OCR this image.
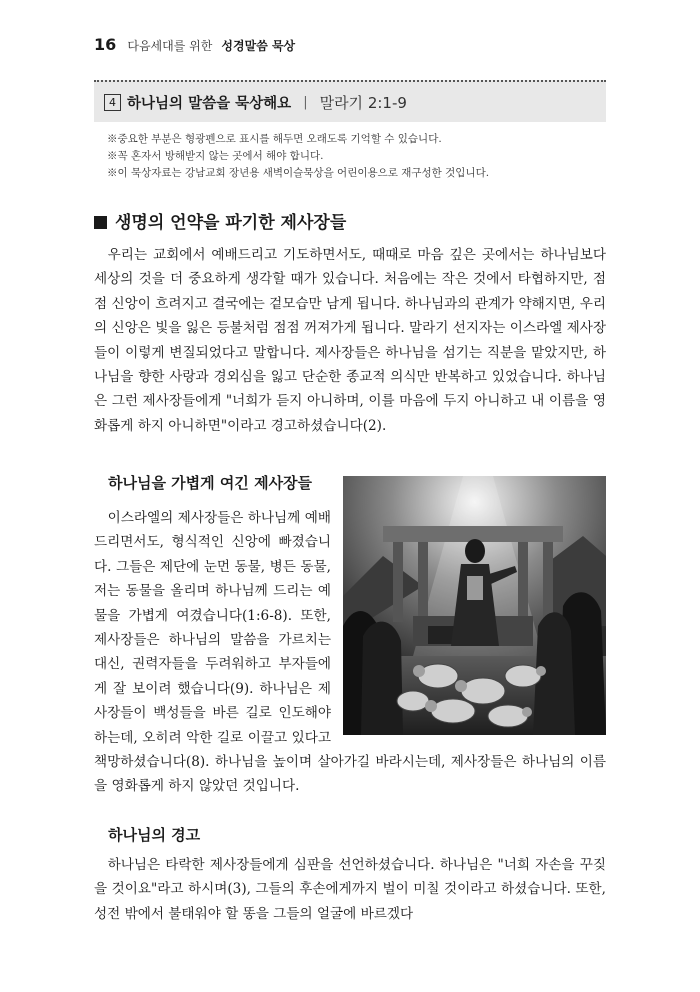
16 다음세대를 위한 성경말씀 묵상
4 하나님의 말씀을 묵상해요 | 말라기 2:1-9
※중요한 부분은 형광펜으로 표시를 해두면 오래도록 기억할 수 있습니다.
※꼭 혼자서 방해받지 않는 곳에서 해야 합니다.
※이 묵상자료는 강남교회 장년용 새벽이슬묵상을 어린이용으로 재구성한 것입니다.
생명의 언약을 파기한 제사장들

우리는 교회에서 예배드리고 기도하면서도, 때때로 마음 깊은 곳에서는 하나님보다 세상의 것을 더 중요하게 생각할 때가 있습니다. 처음에는 작은 것에서 타협하지만, 점점 신앙이 흐려지고 결국에는 겉모습만 남게 됩니다. 하나님과의 관계가 약해지면, 우리의 신앙은 빛을 잃은 등불처럼 점점 꺼져가게 됩니다. 말라기 선지자는 이스라엘 제사장들이 이렇게 변질되었다고 말합니다. 제사장들은 하나님을 섬기는 직분을 맡았지만, 하나님을 향한 사랑과 경외심을 잃고 단순한 종교적 의식만 반복하고 있었습니다. 하나님은 그런 제사장들에게 "너희가 듣지 아니하며, 이를 마음에 두지 아니하고 내 이름을 영화롭게 하지 아니하면"이라고 경고하셨습니다(2).

하나님을 가볍게 여긴 제사장들

이스라엘의 제사장들은 하나님께 예배드리면서도, 형식적인 신앙에 빠졌습니다. 그들은 제단에 눈먼 동물, 병든 동물, 저는 동물을 올리며 하나님께 드리는 예물을 가볍게 여겼습니다(1:6-8). 또한, 제사장들은 하나님의 말씀을 가르치는 대신, 권력자들을 두려워하고 부자들에게 잘 보이려 했습니다(9). 하나님은 제사장들이 백성들을 바른 길로 인도해야 하는데, 오히려 악한 길로 이끌고 있다고 책망하셨습니다(8). 하나님을 높이며 살아가길 바라시는데, 제사장들은 하나님의 이름을 영화롭게 하지 않았던 것입니다.

하나님의 경고

하나님은 타락한 제사장들에게 심판을 선언하셨습니다. 하나님은 "너희 자손을 꾸짖을 것이요"라고 하시며(3), 그들의 후손에게까지 벌이 미칠 것이라고 하셨습니다. 또한, 성전 밖에서 불태워야 할 똥을 그들의 얼굴에 바르겠다
